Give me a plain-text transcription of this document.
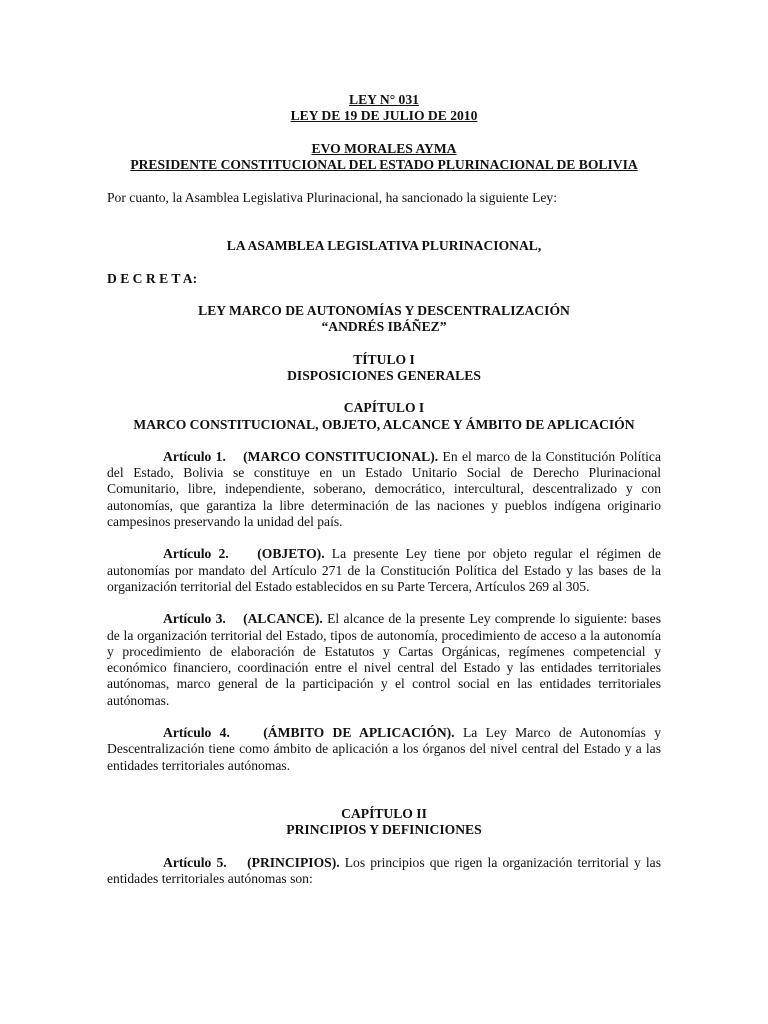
LEY N° 031
LEY DE 19 DE JULIO DE 2010
EVO MORALES AYMA
PRESIDENTE CONSTITUCIONAL DEL ESTADO PLURINACIONAL DE BOLIVIA

Por cuanto, la Asamblea Legislativa Plurinacional, ha sancionado la siguiente Ley:

LA ASAMBLEA LEGISLATIVA PLURINACIONAL,

D E C R E T A:

LEY MARCO DE AUTONOMÍAS Y DESCENTRALIZACIÓN
“ANDRÉS IBÁÑEZ”
TÍTULO I
DISPOSICIONES GENERALES
CAPÍTULO I
MARCO CONSTITUCIONAL, OBJETO, ALCANCE Y ÁMBITO DE APLICACIÓN

Artículo 1. (MARCO CONSTITUCIONAL). En el marco de la Constitución Política del Estado, Bolivia se constituye en un Estado Unitario Social de Derecho Plurinacional Comunitario, libre, independiente, soberano, democrático, intercultural, descentralizado y con autonomías, que garantiza la libre determinación de las naciones y pueblos indígena originario campesinos preservando la unidad del país.

Artículo 2. (OBJETO). La presente Ley tiene por objeto regular el régimen de autonomías por mandato del Artículo 271 de la Constitución Política del Estado y las bases de la organización territorial del Estado establecidos en su Parte Tercera, Artículos 269 al 305.

Artículo 3. (ALCANCE). El alcance de la presente Ley comprende lo siguiente: bases de la organización territorial del Estado, tipos de autonomía, procedimiento de acceso a la autonomía y procedimiento de elaboración de Estatutos y Cartas Orgánicas, regímenes competencial y económico financiero, coordinación entre el nivel central del Estado y las entidades territoriales autónomas, marco general de la participación y el control social en las entidades territoriales autónomas.

Artículo 4. (ÁMBITO DE APLICACIÓN). La Ley Marco de Autonomías y Descentralización tiene como ámbito de aplicación a los órganos del nivel central del Estado y a las entidades territoriales autónomas.

CAPÍTULO II
PRINCIPIOS Y DEFINICIONES

Artículo 5. (PRINCIPIOS). Los principios que rigen la organización territorial y las entidades territoriales autónomas son:
